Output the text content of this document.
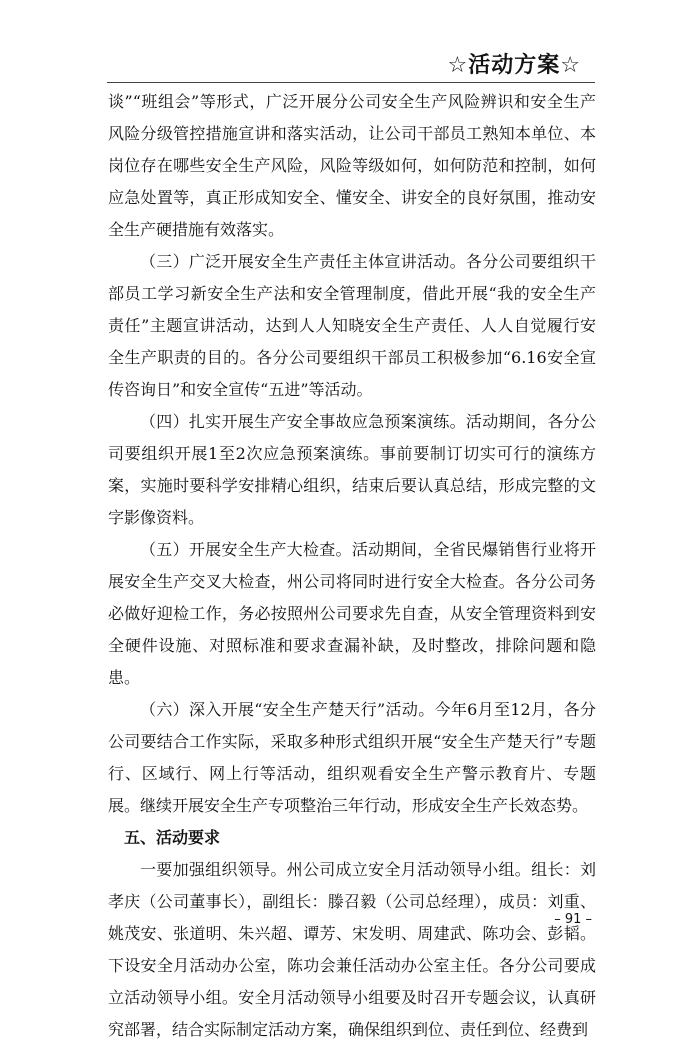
☆活动方案☆

谈”“班组会”等形式，广泛开展分公司安全生产风险辨识和安全生产风险分级管控措施宣讲和落实活动，让公司干部员工熟知本单位、本岗位存在哪些安全生产风险，风险等级如何，如何防范和控制，如何应急处置等，真正形成知安全、懂安全、讲安全的良好氛围，推动安全生产硬措施有效落实。

（三）广泛开展安全生产责任主体宣讲活动。各分公司要组织干部员工学习新安全生产法和安全管理制度，借此开展“我的安全生产责任”主题宣讲活动，达到人人知晓安全生产责任、人人自觉履行安全生产职责的目的。各分公司要组织干部员工积极参加“6.16安全宣传咨询日”和安全宣传“五进”等活动。

（四）扎实开展生产安全事故应急预案演练。活动期间，各分公司要组织开展1至2次应急预案演练。事前要制订切实可行的演练方案，实施时要科学安排精心组织，结束后要认真总结，形成完整的文字影像资料。

（五）开展安全生产大检查。活动期间，全省民爆销售行业将开展安全生产交叉大检查，州公司将同时进行安全大检查。各分公司务必做好迎检工作，务必按照州公司要求先自查，从安全管理资料到安全硬件设施、对照标准和要求查漏补缺，及时整改，排除问题和隐患。

（六）深入开展“安全生产楚天行”活动。今年6月至12月，各分公司要结合工作实际，采取多种形式组织开展“安全生产楚天行”专题行、区域行、网上行等活动，组织观看安全生产警示教育片、专题展。继续开展安全生产专项整治三年行动，形成安全生产长效态势。

五、活动要求

一要加强组织领导。州公司成立安全月活动领导小组。组长：刘孝庆（公司董事长），副组长：滕召毅（公司总经理），成员：刘重、姚茂安、张道明、朱兴超、谭芳、宋发明、周建武、陈功会、彭韬。下设安全月活动办公室，陈功会兼任活动办公室主任。各分公司要成立活动领导小组。安全月活动领导小组要及时召开专题会议，认真研究部署，结合实际制定活动方案，确保组织到位、责任到位、经费到

– 91 –
